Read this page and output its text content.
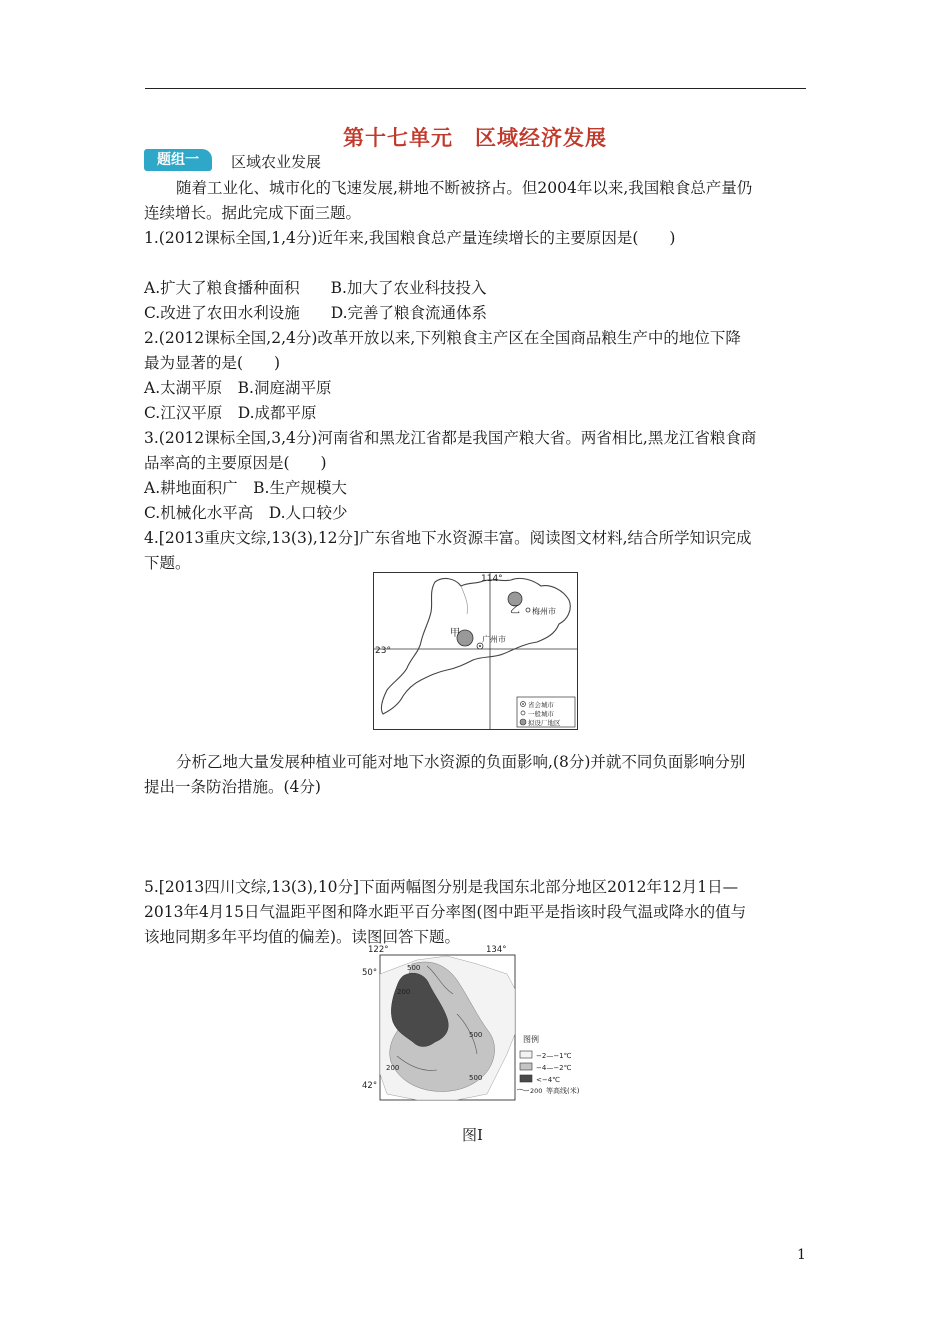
第十七单元　区域经济发展
题组一	区域农业发展
随着工业化、城市化的飞速发展,耕地不断被挤占。但2004年以来,我国粮食总产量仍
连续增长。据此完成下面三题。
1.(2012课标全国,1,4分)近年来,我国粮食总产量连续增长的主要原因是(　　)
A.扩大了粮食播种面积　　B.加大了农业科技投入
C.改进了农田水利设施　　D.完善了粮食流通体系
2.(2012课标全国,2,4分)改革开放以来,下列粮食主产区在全国商品粮生产中的地位下降
最为显著的是(　　)
A.太湖平原　B.洞庭湖平原
C.江汉平原　D.成都平原
3.(2012课标全国,3,4分)河南省和黑龙江省都是我国产粮大省。两省相比,黑龙江省粮食商
品率高的主要原因是(　　)
A.耕地面积广　B.生产规模大
C.机械化水平高　D.人口较少
4.[2013重庆文综,13(3),12分]广东省地下水资源丰富。阅读图文材料,结合所学知识完成
下题。
114°
23°
乙 梅州市
甲
广州市
省会城市
一般城市
拟设厂地区
分析乙地大量发展种植业可能对地下水资源的负面影响,(8分)并就不同负面影响分别
提出一条防治措施。(4分)
5.[2013四川文综,13(3),10分]下面两幅图分别是我国东北部分地区2012年12月1日—
2013年4月15日气温距平图和降水距平百分率图(图中距平是指该时段气温或降水的值与
该地同期多年平均值的偏差)。读图回答下题。
122°	134°
50°
42°
500
200
500
200
500
图例
−2—−1℃
−4—−2℃
<−4℃
200 等高线(米)
图I
1
